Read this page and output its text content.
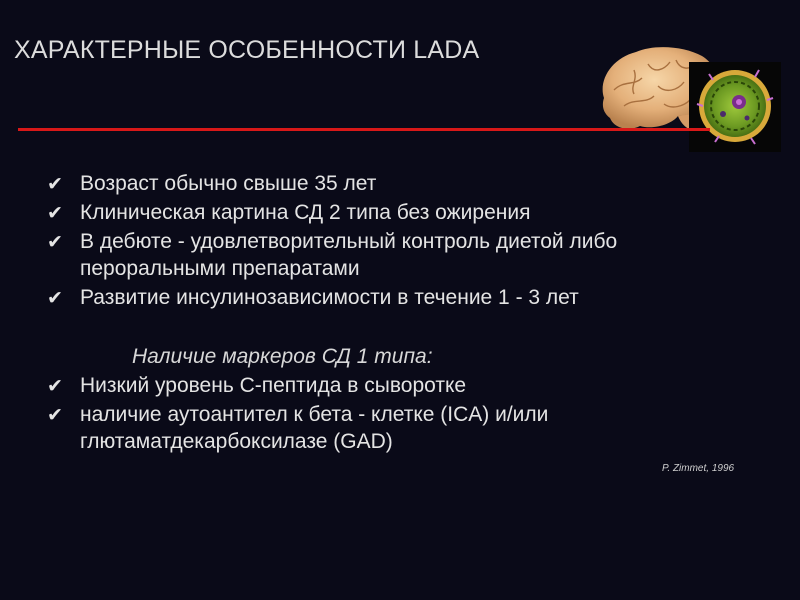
ХАРАКТЕРНЫЕ ОСОБЕННОСТИ LADA
✔ Возраст обычно свыше 35 лет
✔ Клиническая картина СД 2 типа без ожирения
✔ В дебюте - удовлетворительный контроль диетой либо пероральными препаратами
✔ Развитие инсулинозависимости в течение 1 - 3 лет
Наличие маркеров СД 1 типа:
✔ Низкий уровень С-пептида в сыворотке
✔ наличие аутоантител к бета - клетке (ICA) и/или глютаматдекарбоксилазе (GAD)
P. Zimmet, 1996
